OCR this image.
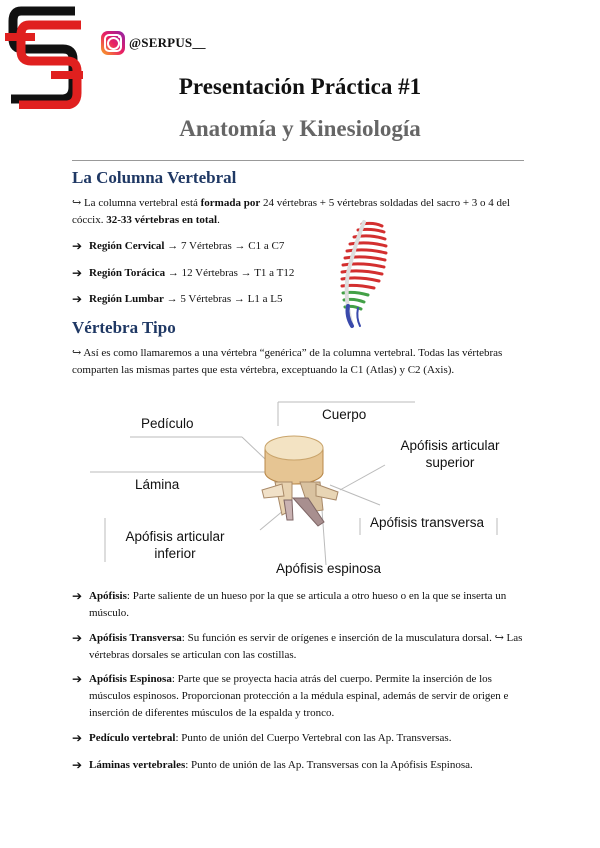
@SERPUS__
Presentación Práctica #1
Anatomía y Kinesiología
La Columna Vertebral
↪ La columna vertebral está formada por 24 vértebras + 5 vértebras soldadas del sacro + 3 o 4 del cóccix. 32-33 vértebras en total.
➔ Región Cervical → 7 Vértebras → C1 a C7
➔ Región Torácica → 12 Vértebras → T1 a T12
➔ Región Lumbar → 5 Vértebras → L1 a L5
Vértebra Tipo
↪ Así es como llamaremos a una vértebra “genérica” de la columna vertebral. Todas las vértebras comparten las mismas partes que esta vértebra, exceptuando la C1 (Atlas) y C2 (Axis).
Pedículo
Cuerpo
Apófisis articular
superior
Lámina
Apófisis transversa
Apófisis articular
inferior
Apófisis espinosa
➔ Apófisis: Parte saliente de un hueso por la que se articula a otro hueso o en la que se inserta un músculo.
➔ Apófisis Transversa: Su función es servir de orígenes e inserción de la musculatura dorsal. ↪ Las vértebras dorsales se articulan con las costillas.
➔ Apófisis Espinosa: Parte que se proyecta hacia atrás del cuerpo. Permite la inserción de los músculos espinosos. Proporcionan protección a la médula espinal, además de servir de origen e inserción de diferentes músculos de la espalda y tronco.
➔ Pedículo vertebral: Punto de unión del Cuerpo Vertebral con las Ap. Transversas.
➔ Láminas vertebrales: Punto de unión de las Ap. Transversas con la Apófisis Espinosa.
